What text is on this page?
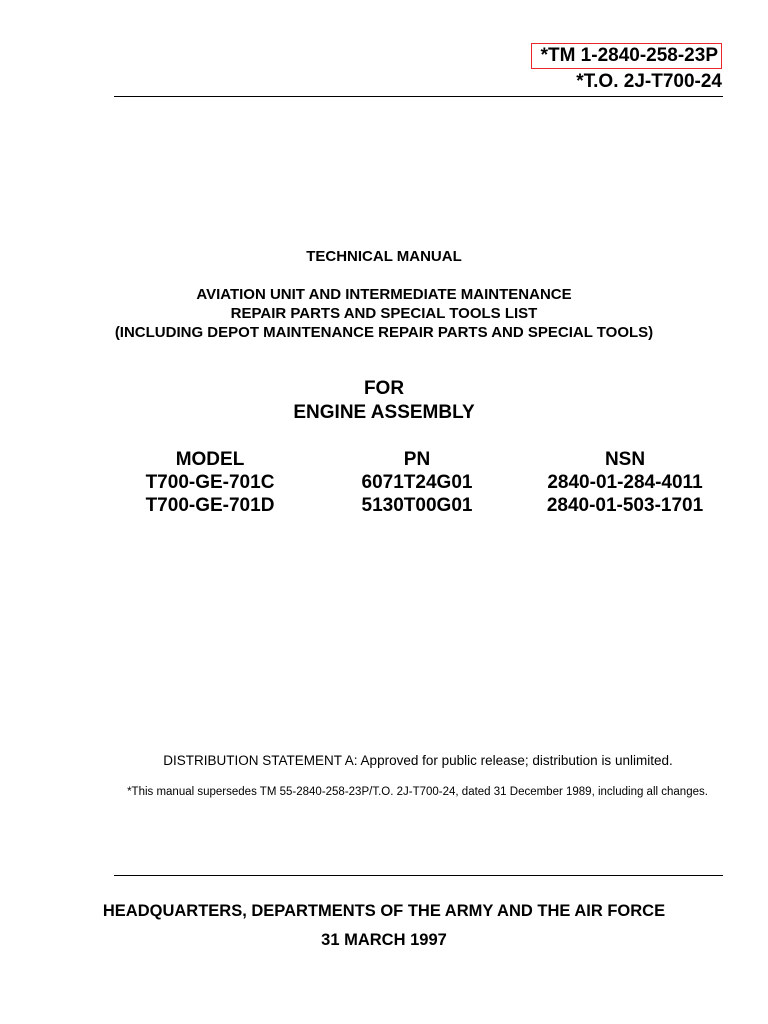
*TM 1-2840-258-23P
*T.O. 2J-T700-24
TECHNICAL MANUAL
AVIATION UNIT AND INTERMEDIATE MAINTENANCE
REPAIR PARTS AND SPECIAL TOOLS LIST
(INCLUDING DEPOT MAINTENANCE REPAIR PARTS AND SPECIAL TOOLS)
FOR
ENGINE ASSEMBLY
MODEL
T700-GE-701C
T700-GE-701D
PN
6071T24G01
5130T00G01
NSN
2840-01-284-4011
2840-01-503-1701
DISTRIBUTION STATEMENT A: Approved for public release; distribution is unlimited.
*This manual supersedes TM 55-2840-258-23P/T.O. 2J-T700-24, dated 31 December 1989, including all changes.
HEADQUARTERS, DEPARTMENTS OF THE ARMY AND THE AIR FORCE
31 MARCH 1997
